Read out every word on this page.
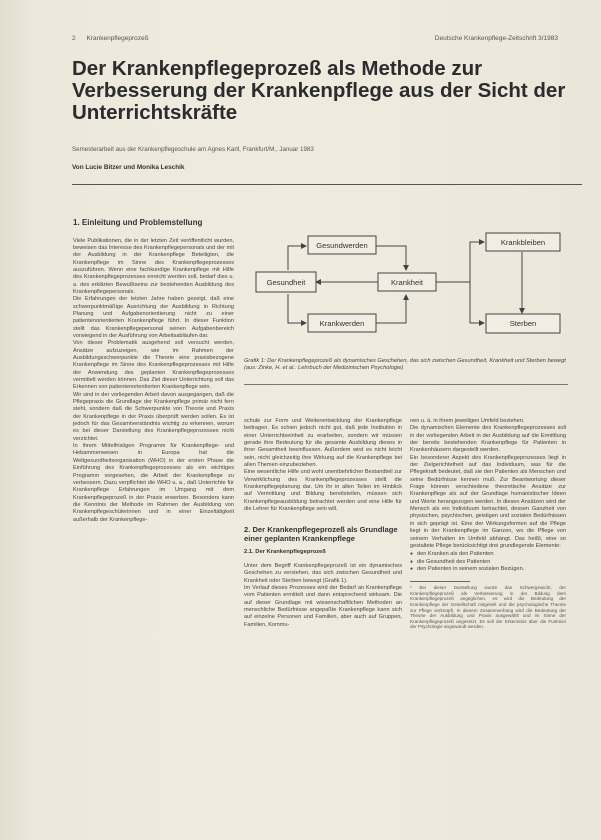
2 Krankenpflegeprozeß	Deutsche Krankenpflege-Zeitschrift 3/1983
Der Krankenpflegeprozeß als Methode zur Verbesserung der Krankenpflege aus der Sicht der Unterrichtskräfte
Semesterarbeit aus der Krankenpflegeschule am Agnes Karll, Frankfurt/M., Januar 1983
Von Lucie Bitzer und Monika Leschik
Gesundwerden
Gesundheit	Krankheit
Krankwerden
Krankbleiben
Sterben
Grafik 1: Der Krankenpflegeprozeß als dynamisches Geschehen, das sich zwischen Gesundheit, Krankheit und Sterben bewegt (aus: Zinke, H. et al.: Lehrbuch der Medizinischen Psychologie)
1. Einleitung und Problemstellung

Viele Publikationen, die in der letzten Zeit veröffentlicht wurden, beweisen das Interesse des Krankenpflegepersonals und der mit der Ausbildung in der Krankenpflege Beteiligten, die Krankenpflege im Sinne des Krankenpflegeprozesses auszuführen. Wenn eine fachkundige Krankenpflege mit Hilfe des Krankenpflegeprozesses erreicht werden soll, bedarf dies u. a. des erklärten Bewußtseins zur bestehenden Ausbildung des Krankenpflegepersonals.

Die Erfahrungen der letzten Jahre haben gezeigt, daß eine schwerpunktmäßige Ausrichtung der Ausbildung in Richtung Planung und Aufgabenorientierung nicht zu einer patientenorientierten Krankenpflege führt. In dieser Funktion stellt das Krankenpflegepersonal seinen Aufgabenbereich vorwiegend in der Ausführung von Arbeitsabläufen dar.

Von dieser Problematik ausgehend soll versucht werden, Ansätze aufzuzeigen, wie im Rahmen der Ausbildungsschwerpunkte die Theorie eine praxisbezogene Krankenpflege im Sinne des Krankenpflegeprozesses mit Hilfe der Anwendung des geplanten Krankenpflegeprozesses vermittelt werden können. Das Ziel dieser Unterrichtung soll das Erkennen von patientenorientierten Krankenpflege sein.

Wir sind in der vorliegenden Arbeit davon ausgegangen, daß die Pflegepraxis die Grundlage der Krankenpflege primär nicht fern steht, sondern daß die Schwerpunkte von Theorie und Praxis der Krankenpflege in der Praxis überprüft werden sollen. Es ist jedoch für das Gesamtverständnis wichtig zu erkennen, worum es bei dieser Darstellung des Krankenpflegeprozesses nicht verzichtet.

In ihrem Mittelfristigen Programm für Krankenpflege- und Hebammenwesen in Europa hat die Weltgesundheitsorganisation (WHO) in der ersten Phase die Einführung des Krankenpflegeprozesses als ein wichtiges Programm vorgesehen, die Arbeit der Krankenpflege zu verbessern. Dazu verpflichtet die WHO u. a., daß Unterrichte für Krankenpflege Erfahrungen im Umgang mit dem Krankenpflegeprozeß in der Praxis erwerben. Besonders kann die Kenntnis der Methode im Rahmen der Ausbildung von Krankenpflegeschülerinnen und in einer Einzeltätigkeit außerhalb der Krankenpflege-

schule zur Form und Weiterentwicklung der Krankenpflege beitragen. Es schien jedoch nicht gut, daß jede Institution in einer Unterrichtseinheit zu erarbeiten, sondern wir müssen gerade ihre Bedeutung für die gesamte Ausbildung dieses in ihrer Gesamtheit beeinflussen. Außerdem wird es nicht leicht sein, nicht gleichzeitig ihre Wirkung auf die Krankenpflege bei allen Themen einzubeziehen.

Eine wesentliche Hilfe und wohl unentbehrlicher Bestandteil zur Verwirklichung des Krankenpflegeprozesses stellt die Krankenpflegeplanung dar. Um ihr in allen Teilen im Hinblick auf Vermittlung und Bildung bereitstellen, müssen sich Krankenpflegeausbildung betrachtet werden und eine Hilfe für die Lehrer für Krankenpflege sein will.

2. Der Krankenpflegeprozeß als Grundlage einer geplanten Krankenpflege
2.1. Der Krankenpflegeprozeß

Unter dem Begriff Krankenpflegeprozeß ist ein dynamisches Geschehen zu verstehen, das sich zwischen Gesundheit und Krankheit oder Sterben bewegt (Grafik 1).

Im Verlauf dieses Prozesses wird der Bedarf an Krankenpflege vom Patienten ermittelt und dann entsprechend wirksam. Die auf dieser Grundlage mit wissenschaftlichen Methoden an menschliche Bedürfnisse angepaßte Krankenpflege kann sich auf einzelne Personen und Familien, aber auch auf Gruppen, Familien, Kommu-

nen u. ä. in ihrem jeweiligen Umfeld beziehen.

Die dynamischen Elemente des Krankenpflegeprozesses soll in der vorliegenden Arbeit in der Ausbildung auf die Ermittlung der bereits bestehenden Krankenpflege für Patienten in Krankenhäusern dargestellt werden.

Ein besonderer Aspekt des Krankenpflegeprozesses liegt in der Zielgerichtetheit auf das Individuum, was für die Pflegekraft bedeutet, daß sie den Patienten als Menschen und seine Bedürfnisse kennen muß. Zur Beantwortung dieser Frage können verschiedene theoretische Ansätze zur Krankenpflege als auf der Grundlage humanistischer Ideen und Werte herangezogen werden. In diesen Ansätzen wird der Mensch als ein Individuum betrachtet, dessen Ganzheit von physischen, psychischen, geistigen und sozialen Bedürfnissen in sich geprägt ist. Eine der Wirkungsformen auf die Pflege liegt in der Krankenpflege im Ganzen, wo die Pflege von seinem Verhalten im Umfeld abhängt. Das heißt, eine so gestaltete Pflege berücksichtigt drei grundlegende Elemente:

● den Kranken als den Patienten
● die Gesundheit des Patienten
● den Patienten in seinem sozialen Bezügen.
* Bei dieser Darstellung wurde das Schwergewicht, der Krankenpflegeprozeß als Verbesserung in der Bildung dem Krankenpflegeprozeß angeglichen, es wird die Bedeutung der Krankenpflege der Gesellschaft mitgeteilt und die psychologische Theorie zur Pflege verknüpft. In diesem Zusammenhang wird die Bedeutung der Theorie der Ausbildung und Praxis ausgewählt und im Sinne der Krankenpflegeprozeß angesetzt. Es soll der Erkenntnis über die Funktion der Psychologie angewandt werden.
